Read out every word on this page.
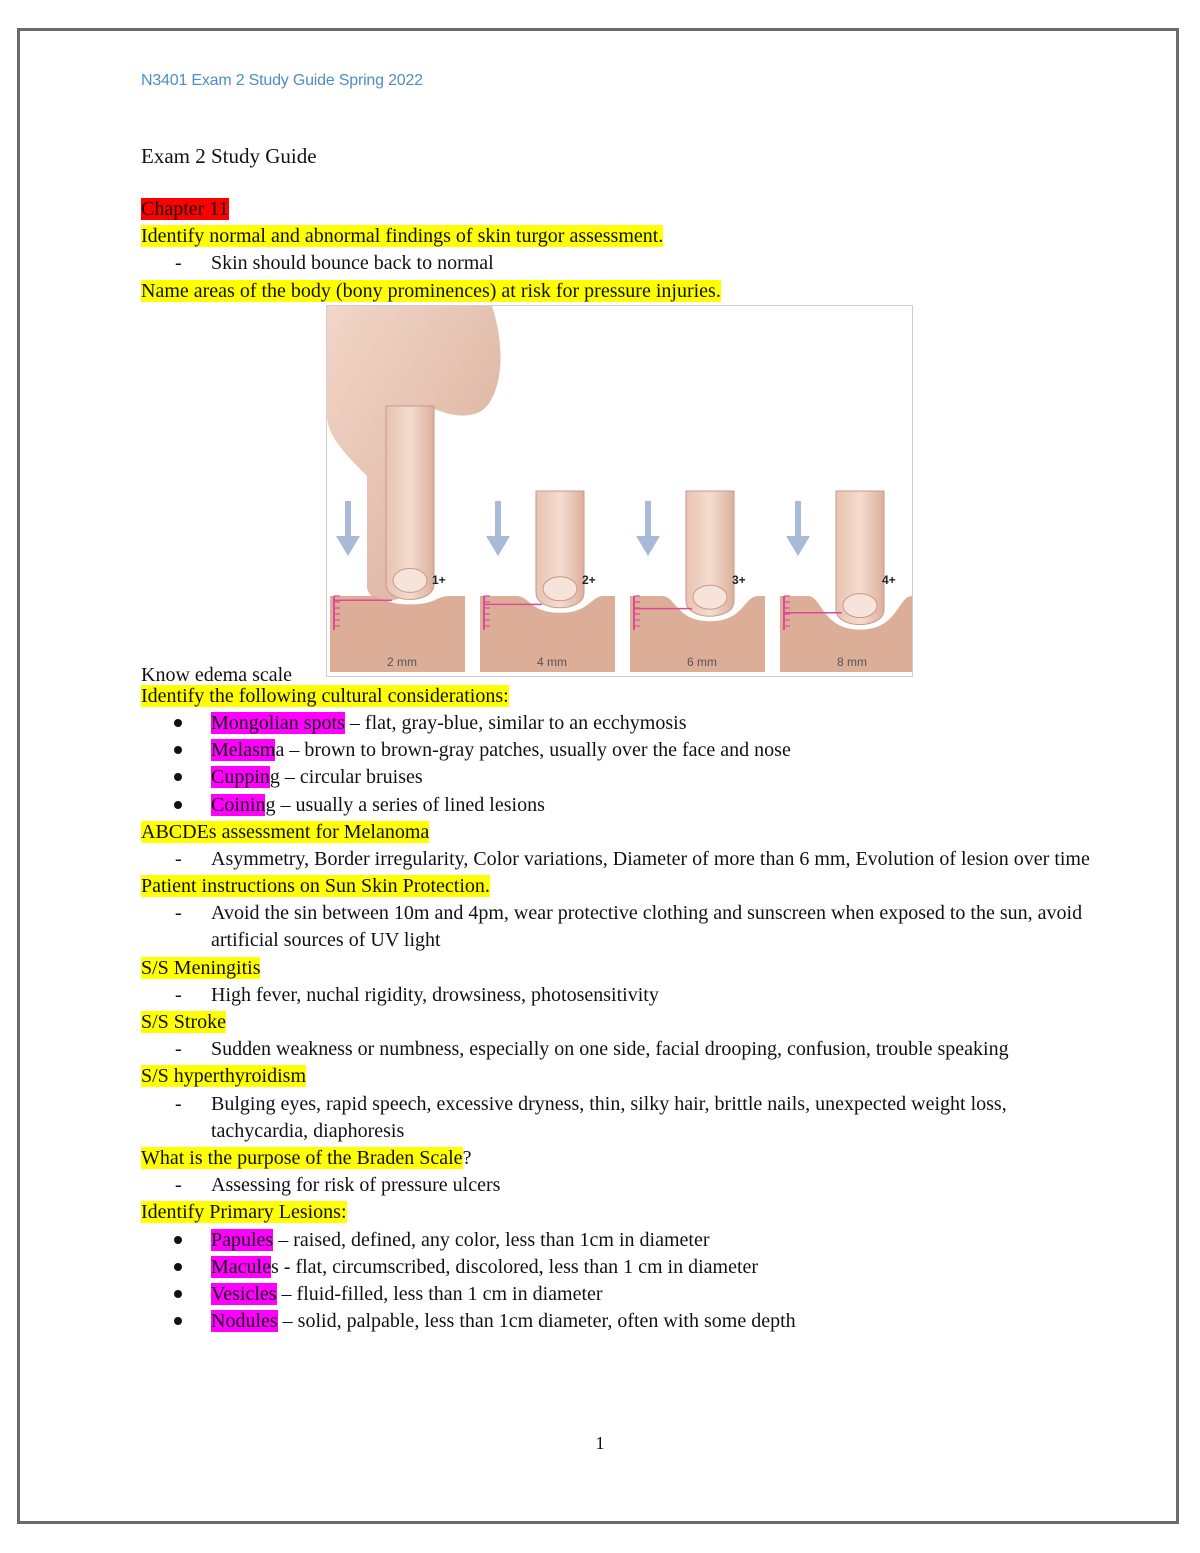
N3401 Exam 2 Study Guide Spring 2022
Exam 2 Study Guide
Chapter 11
Identify normal and abnormal findings of skin turgor assessment.
- Skin should bounce back to normal
Name areas of the body (bony prominences) at risk for pressure injuries.
Know edema scale
1+
2 mm
2+
4 mm
3+
6 mm
4+
8 mm
Identify the following cultural considerations:
Mongolian spots – flat, gray-blue, similar to an ecchymosis
Melasma – brown to brown-gray patches, usually over the face and nose
Cupping – circular bruises
Coining – usually a series of lined lesions
ABCDEs assessment for Melanoma
- Asymmetry, Border irregularity, Color variations, Diameter of more than 6 mm, Evolution of lesion over time
Patient instructions on Sun Skin Protection.
- Avoid the sin between 10m and 4pm, wear protective clothing and sunscreen when exposed to the sun, avoid artificial sources of UV light
S/S Meningitis
- High fever, nuchal rigidity, drowsiness, photosensitivity
S/S Stroke
- Sudden weakness or numbness, especially on one side, facial drooping, confusion, trouble speaking
S/S hyperthyroidism
- Bulging eyes, rapid speech, excessive dryness, thin, silky hair, brittle nails, unexpected weight loss, tachycardia, diaphoresis
What is the purpose of the Braden Scale?
- Assessing for risk of pressure ulcers
Identify Primary Lesions:
Papules – raised, defined, any color, less than 1cm in diameter
Macules - flat, circumscribed, discolored, less than 1 cm in diameter
Vesicles – fluid-filled, less than 1 cm in diameter
Nodules – solid, palpable, less than 1cm diameter, often with some depth
1
